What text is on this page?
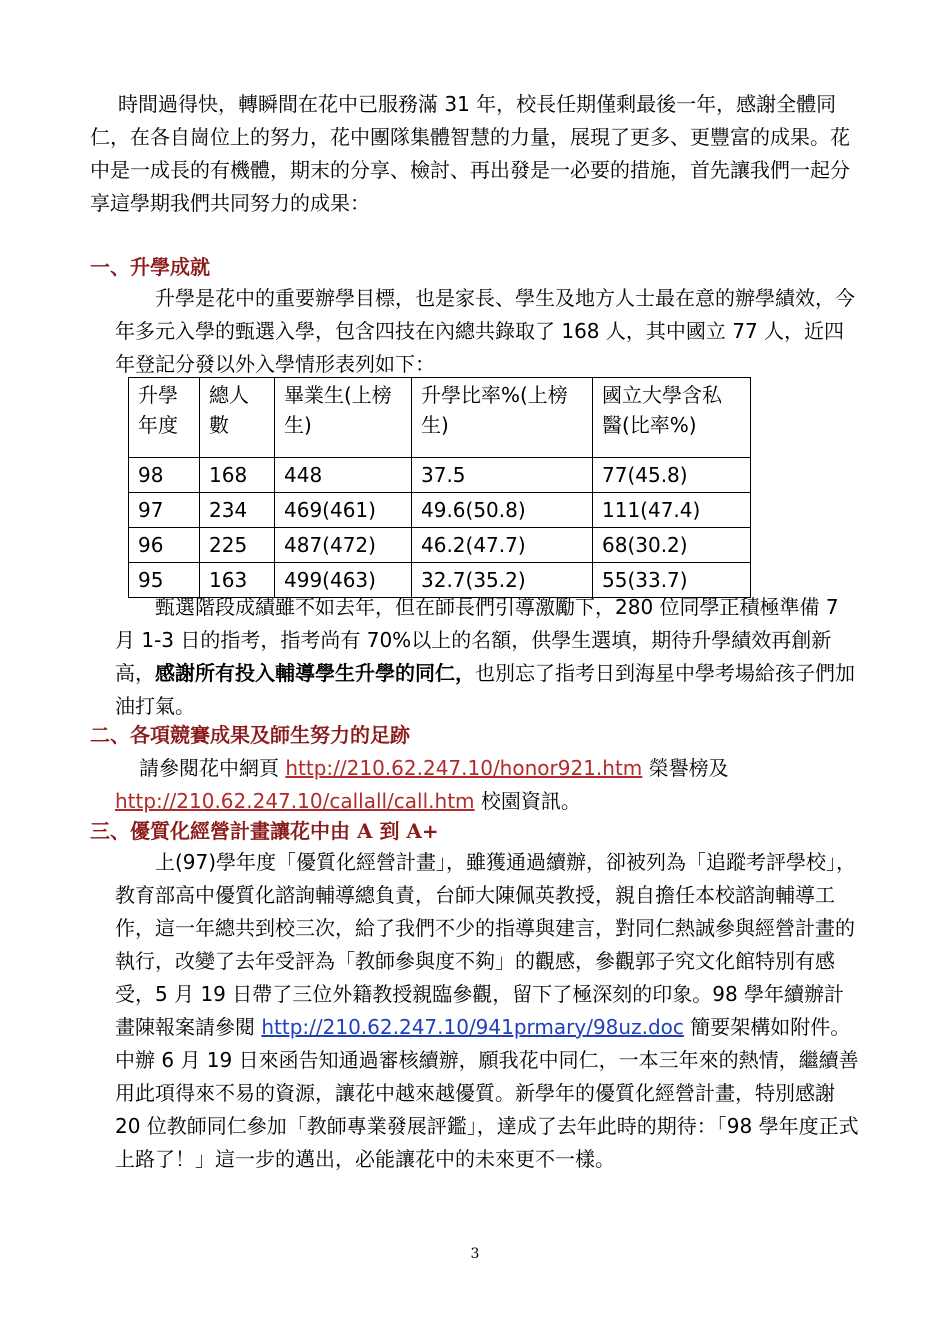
時間過得快，轉瞬間在花中已服務滿 31 年，校長任期僅剩最後一年，感謝全體同仁，在各自崗位上的努力，花中團隊集體智慧的力量，展現了更多、更豐富的成果。花中是一成長的有機體，期末的分享、檢討、再出發是一必要的措施，首先讓我們一起分享這學期我們共同努力的成果：
一、升學成就
升學是花中的重要辦學目標，也是家長、學生及地方人士最在意的辦學績效，今年多元入學的甄選入學，包含四技在內總共錄取了 168 人，其中國立 77 人，近四年登記分發以外入學情形表列如下：
升學年度	總人數	畢業生(上榜生)	升學比率%(上榜生)	國立大學含私醫(比率%)
98	168	448	37.5	77(45.8)
97	234	469(461)	49.6(50.8)	111(47.4)
96	225	487(472)	46.2(47.7)	68(30.2)
95	163	499(463)	32.7(35.2)	55(33.7)
甄選階段成績雖不如去年，但在師長們引導激勵下，280 位同學正積極準備 7 月 1-3 日的指考，指考尚有 70%以上的名額，供學生選填，期待升學績效再創新高，感謝所有投入輔導學生升學的同仁，也別忘了指考日到海星中學考場給孩子們加油打氣。
二、各項競賽成果及師生努力的足跡
請參閱花中網頁 http://210.62.247.10/honor921.htm 榮譽榜及
http://210.62.247.10/callall/call.htm 校園資訊。
三、優質化經營計畫讓花中由 A 到 A+
上(97)學年度「優質化經營計畫」，雖獲通過續辦，卻被列為「追蹤考評學校」，教育部高中優質化諮詢輔導總負責，台師大陳佩英教授，親自擔任本校諮詢輔導工作，這一年總共到校三次，給了我們不少的指導與建言，對同仁熱誠參與經營計畫的執行，改變了去年受評為「教師參與度不夠」的觀感，參觀郭子究文化館特別有感受，5 月 19 日帶了三位外籍教授親臨參觀，留下了極深刻的印象。98 學年續辦計畫陳報案請參閱 http://210.62.247.10/941prmary/98uz.doc 簡要架構如附件。中辦 6 月 19 日來函告知通過審核續辦，願我花中同仁，一本三年來的熱情，繼續善用此項得來不易的資源，讓花中越來越優質。新學年的優質化經營計畫，特別感謝 20 位教師同仁參加「教師專業發展評鑑」，達成了去年此時的期待：「98 學年度正式上路了！」這一步的邁出，必能讓花中的未來更不一樣。
3
